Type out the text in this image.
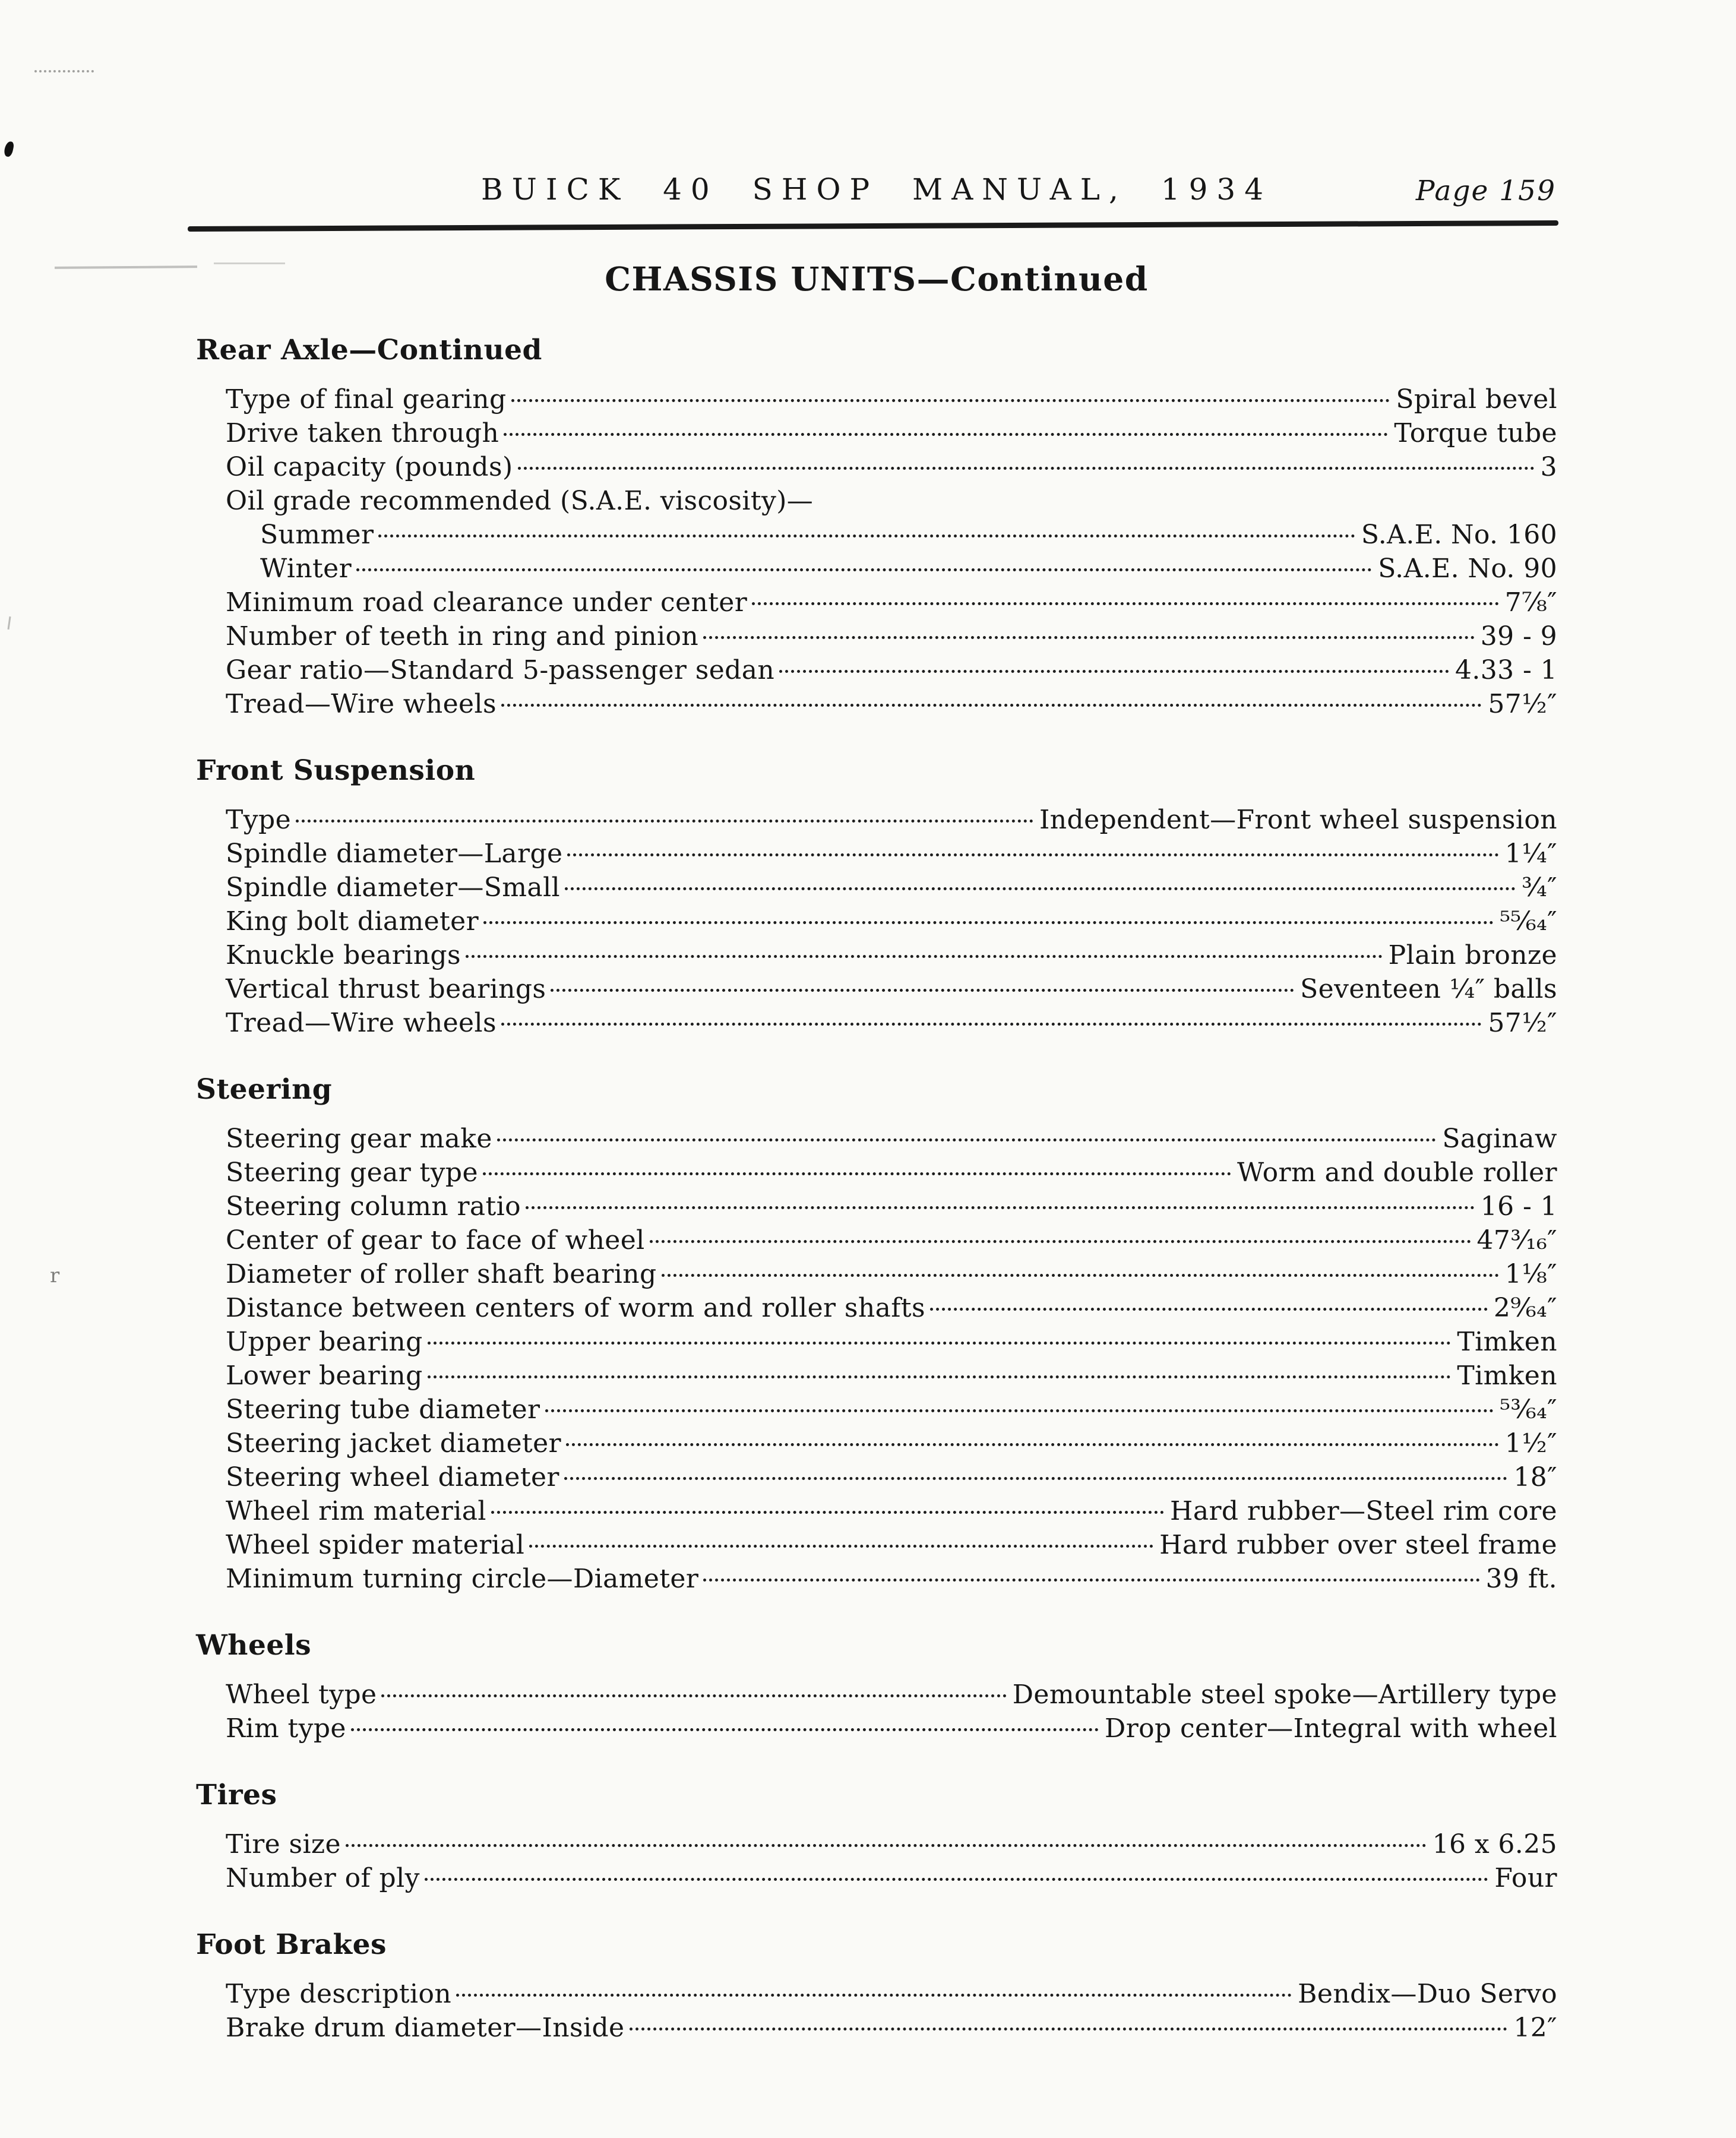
r
BUICK 40 SHOP MANUAL, 1934	Page 159
CHASSIS UNITS—Continued
Rear Axle—Continued
Type of final gearing	Spiral bevel
Drive taken through	Torque tube
Oil capacity (pounds)	3
Oil grade recommended (S.A.E. viscosity)—
Summer	S.A.E. No. 160
Winter	S.A.E. No. 90
Minimum road clearance under center	7⅞″
Number of teeth in ring and pinion	39 - 9
Gear ratio—Standard 5-passenger sedan	4.33 - 1
Tread—Wire wheels	57½″
Front Suspension
Type	Independent—Front wheel suspension
Spindle diameter—Large	1¼″
Spindle diameter—Small	¾″
King bolt diameter	⁵⁵⁄₆₄″
Knuckle bearings	Plain bronze
Vertical thrust bearings	Seventeen ¼″ balls
Tread—Wire wheels	57½″
Steering
Steering gear make	Saginaw
Steering gear type	Worm and double roller
Steering column ratio	16 - 1
Center of gear to face of wheel	47³⁄₁₆″
Diameter of roller shaft bearing	1⅛″
Distance between centers of worm and roller shafts	2⁹⁄₆₄″
Upper bearing	Timken
Lower bearing	Timken
Steering tube diameter	⁵³⁄₆₄″
Steering jacket diameter	1½″
Steering wheel diameter	18″
Wheel rim material	Hard rubber—Steel rim core
Wheel spider material	Hard rubber over steel frame
Minimum turning circle—Diameter	39 ft.
Wheels
Wheel type	Demountable steel spoke—Artillery type
Rim type	Drop center—Integral with wheel
Tires
Tire size	16 x 6.25
Number of ply	Four
Foot Brakes
Type description	Bendix—Duo Servo
Brake drum diameter—Inside	12″
